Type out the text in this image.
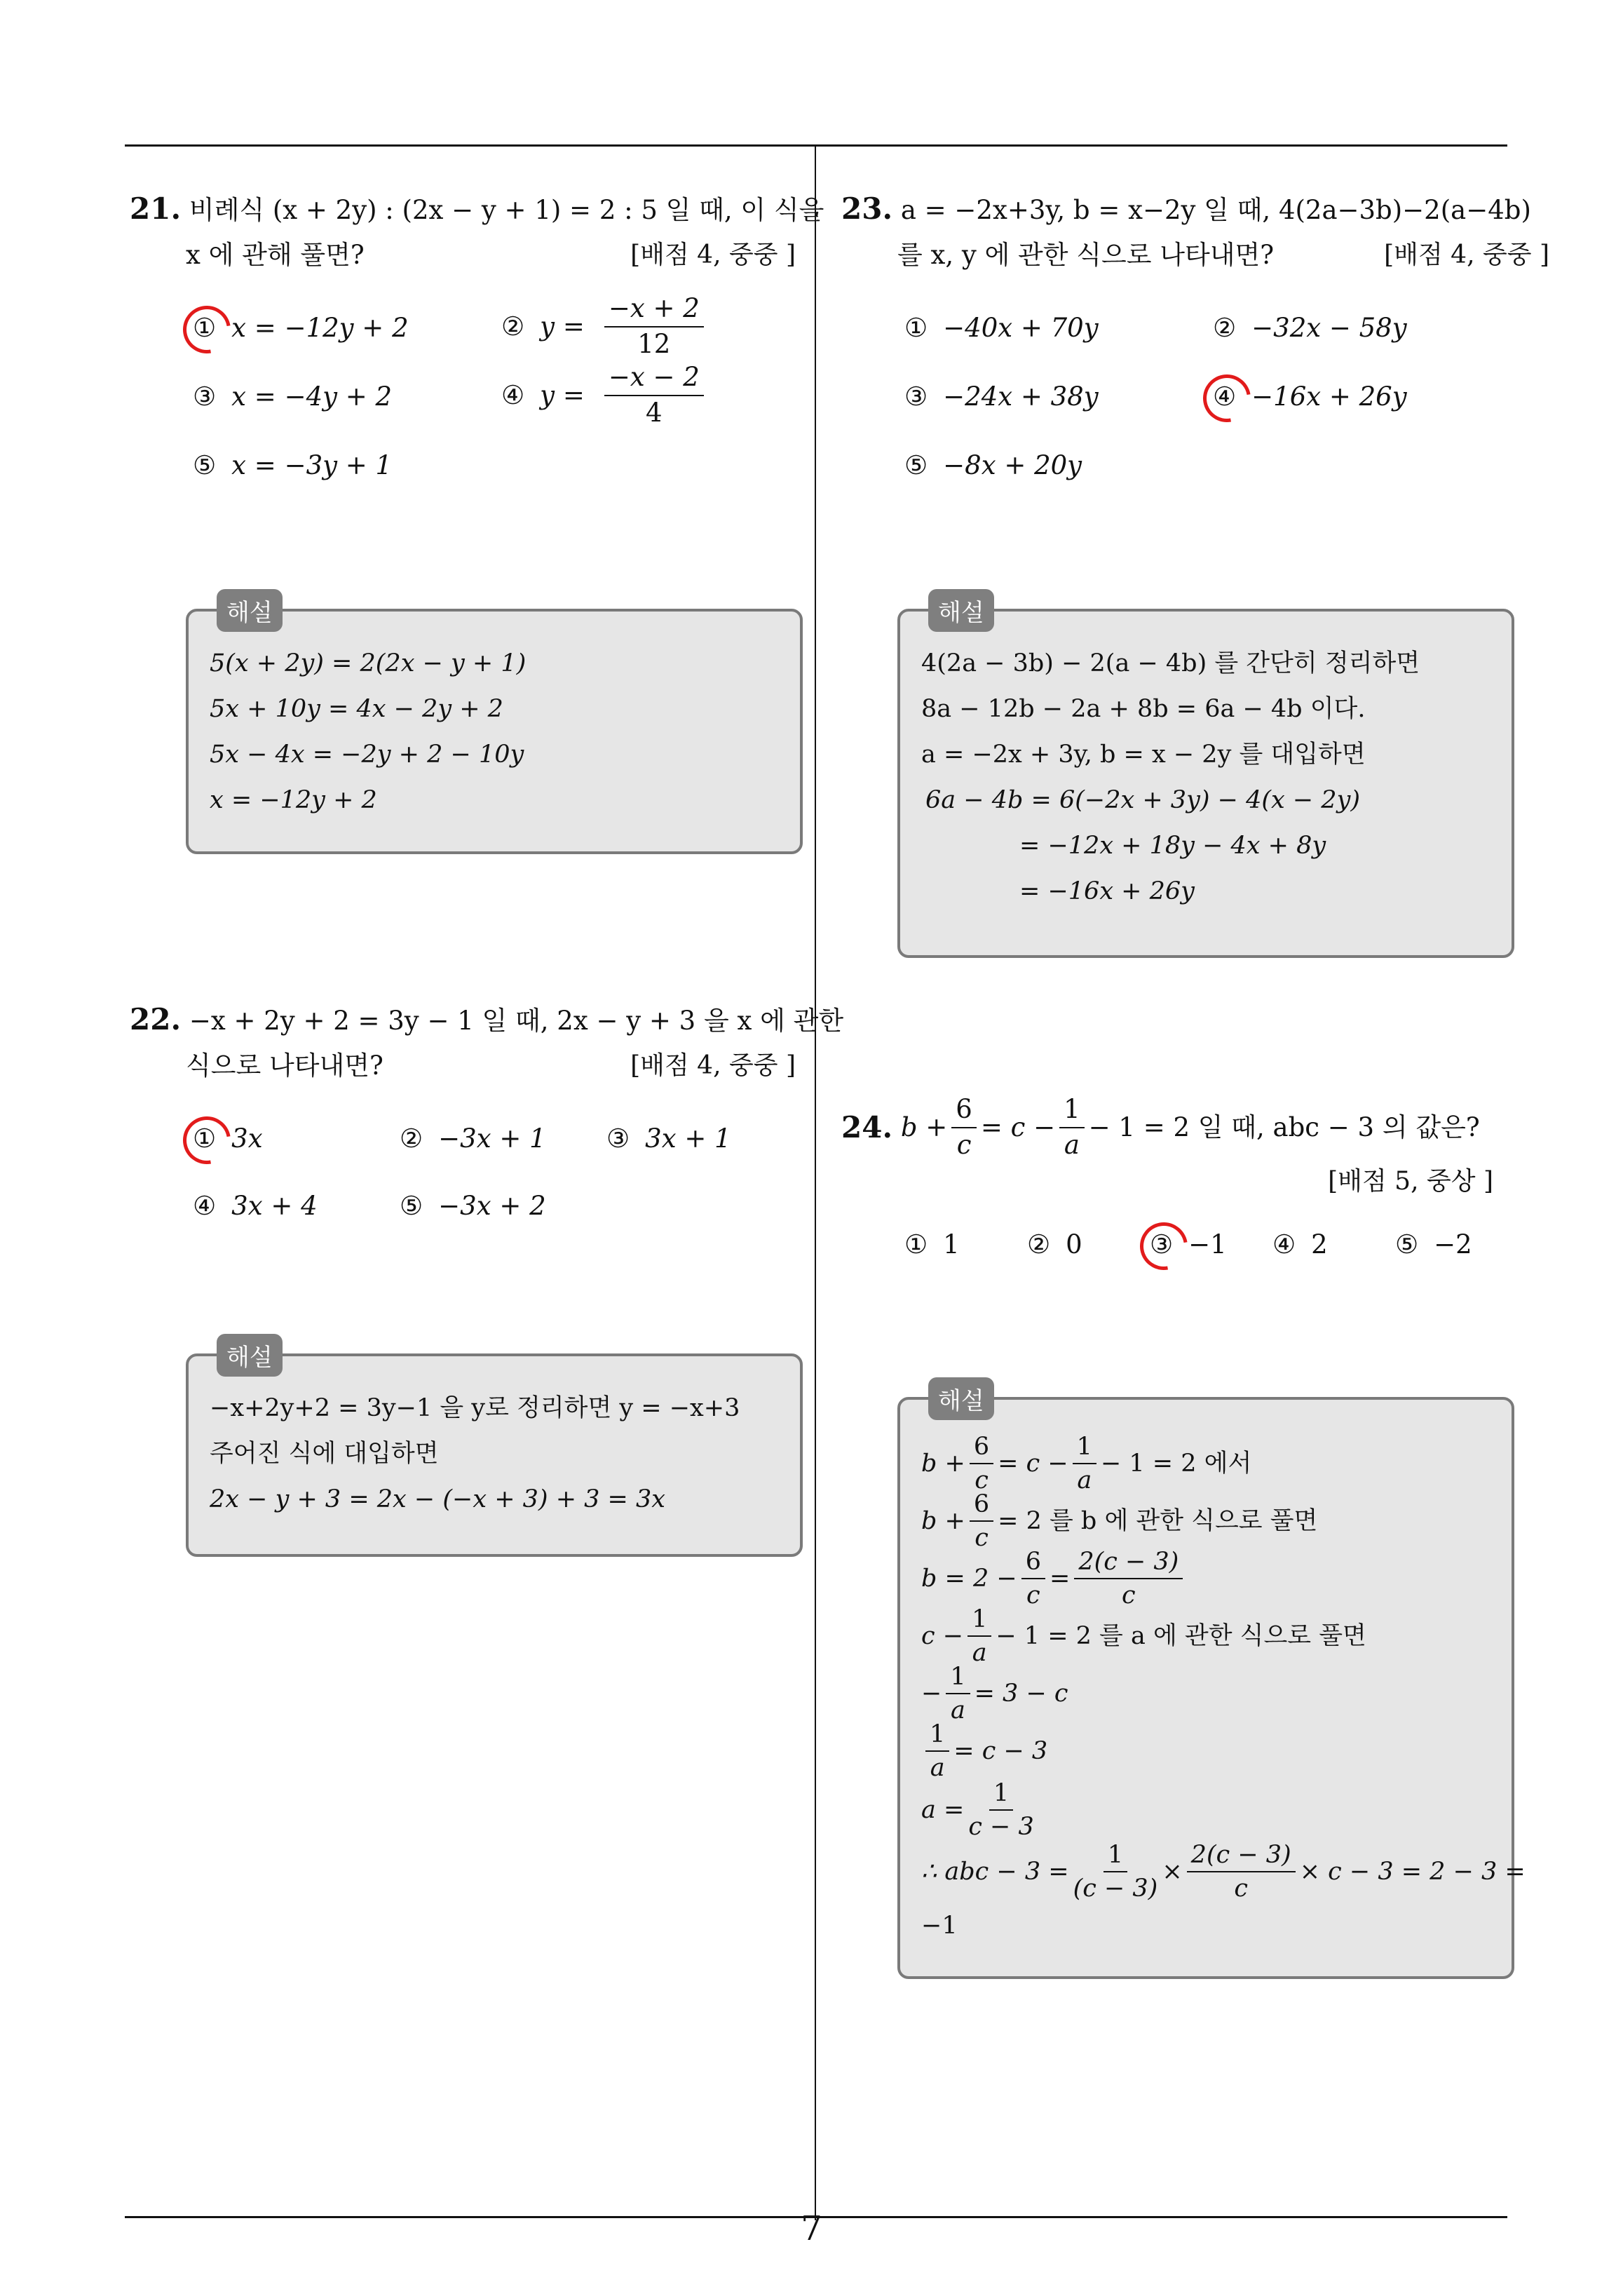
21. 비례식 (x + 2y) : (2x − y + 1) = 2 : 5 일 때, 이 식을
x 에 관해 풀면?	[배점 4, 중중 ]
① x = −12y + 2	② $y = \frac{-x + 2}{12}$
③ x = −4y + 2	④ $y = \frac{-x - 2}{4}$
⑤ x = −3y + 1
해설
5(x + 2y) = 2(2x − y + 1)
5x + 10y = 4x − 2y + 2
5x − 4x = −2y + 2 − 10y
x = −12y + 2
22. −x + 2y + 2 = 3y − 1 일 때, 2x − y + 3 을 x 에 관한
식으로 나타내면?	[배점 4, 중중 ]
① 3x	② −3x + 1 ③ 3x + 1
④ 3x + 4	⑤ −3x + 2
해설
−x+2y+2 = 3y−1 을 y로 정리하면 y = −x+3
주어진 식에 대입하면
2x − y + 3 = 2x − (−x + 3) + 3 = 3x
23. a = −2x+3y, b = x−2y 일 때, 4(2a−3b)−2(a−4b)
를 x, y 에 관한 식으로 나타내면?	[배점 4, 중중 ]
① −40x + 70y	② −32x − 58y
③ −24x + 38y	④ −16x + 26y
⑤ −8x + 20y
해설
4(2a − 3b) − 2(a − 4b) 를 간단히 정리하면
8a − 12b − 2a + 8b = 6a − 4b 이다.
a = −2x + 3y, b = x − 2y 를 대입하면
6a − 4b = 6(−2x + 3y) − 4(x − 2y)
= −12x + 18y − 4x + 8y
= −16x + 26y
24.
$b + \frac{6}{c} = c - \frac{1}{a} - 1 = 2$ 일 때, abc − 3 의 값은?
[배점 5, 중상 ]
① 1	② 0	③ −1 ④ 2	⑤ −2
해설
$b + \frac{6}{c} = c - \frac{1}{a} - 1 = 2$ 에서
$b + \frac{6}{c} = 2$ 를 b 에 관한 식으로 풀면
$b = 2 - \frac{6}{c} = \frac{2(c - 3)}{c}$
$c - \frac{1}{a} - 1 = 2$ 를 a 에 관한 식으로 풀면
− $\frac{1}{a} = 3 - c$
$\frac{1}{a} = c - 3$
$a = \frac{1}{c - 3}$
∴ abc − $3 = \frac{1}{(c - 3)} \times \frac{2(c - 3)}{c} \times c - 3 = 2 - 3$ =
−1
7
